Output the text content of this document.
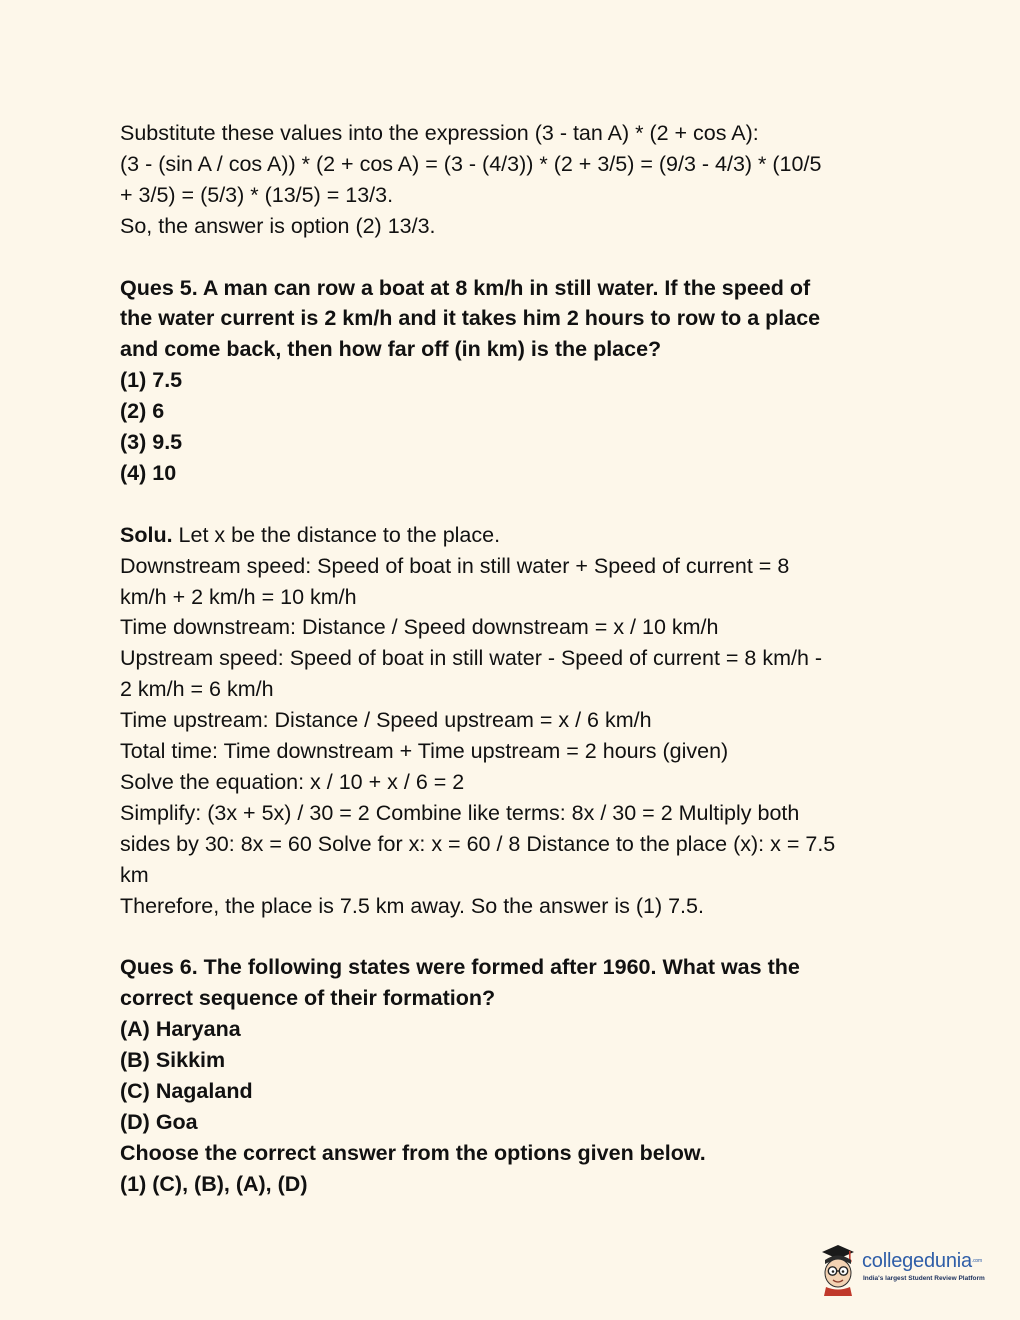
Substitute these values into the expression (3 - tan A) * (2 + cos A):
(3 - (sin A / cos A)) * (2 + cos A) = (3 - (4/3)) * (2 + 3/5) = (9/3 - 4/3) * (10/5
+ 3/5) = (5/3) * (13/5) = 13/3.
So, the answer is option (2) 13/3.
Ques 5. A man can row a boat at 8 km/h in still water. If the speed of
the water current is 2 km/h and it takes him 2 hours to row to a place
and come back, then how far off (in km) is the place?
(1) 7.5
(2) 6
(3) 9.5
(4) 10
Solu. Let x be the distance to the place.
Downstream speed: Speed of boat in still water + Speed of current = 8
km/h + 2 km/h = 10 km/h
Time downstream: Distance / Speed downstream = x / 10 km/h
Upstream speed: Speed of boat in still water - Speed of current = 8 km/h -
2 km/h = 6 km/h
Time upstream: Distance / Speed upstream = x / 6 km/h
Total time: Time downstream + Time upstream = 2 hours (given)
Solve the equation: x / 10 + x / 6 = 2
Simplify: (3x + 5x) / 30 = 2 Combine like terms: 8x / 30 = 2 Multiply both
sides by 30: 8x = 60 Solve for x: x = 60 / 8 Distance to the place (x): x = 7.5
km
Therefore, the place is 7.5 km away. So the answer is (1) 7.5.
Ques 6. The following states were formed after 1960. What was the
correct sequence of their formation?
(A) Haryana
(B) Sikkim
(C) Nagaland
(D) Goa
Choose the correct answer from the options given below.
(1) (C), (B), (A), (D)
collegedunia$^{.com}$
India's largest Student Review Platform
